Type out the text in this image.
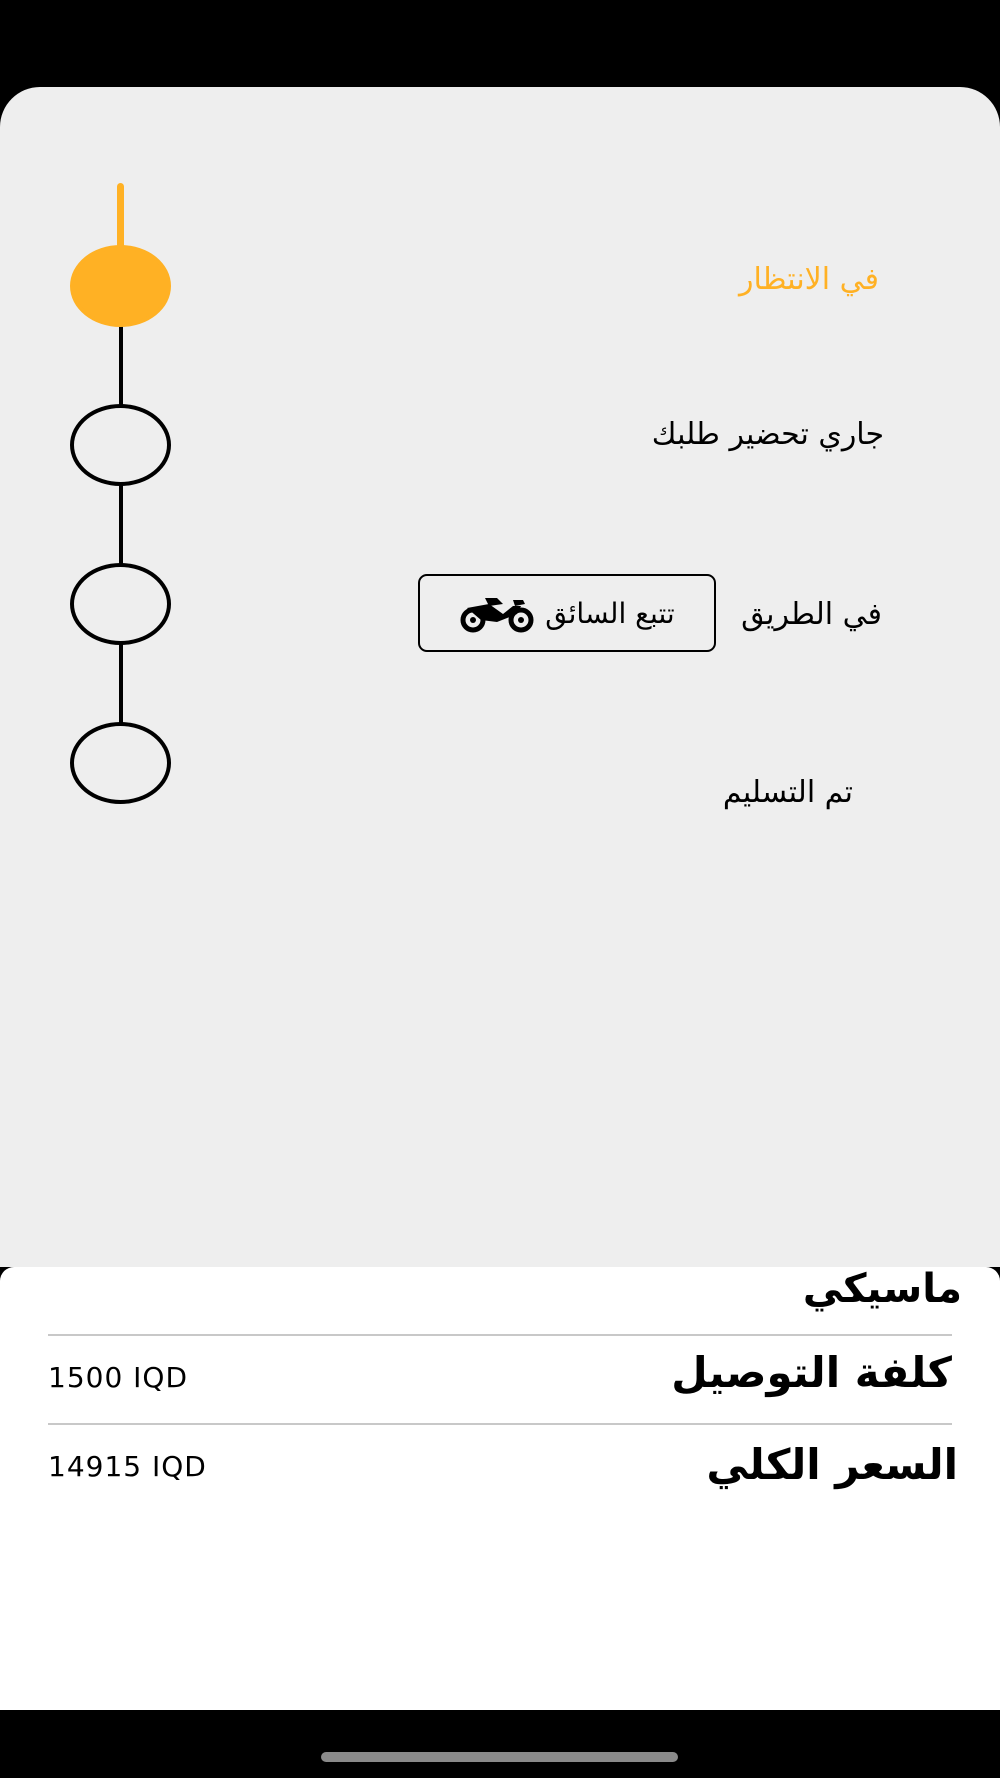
في الانتظار
جاري تحضير طلبك
في الطريق
تم التسليم
تتبع السائق
ماسيكي
كلفة التوصيل
1500 IQD
السعر الكلي
14915 IQD
